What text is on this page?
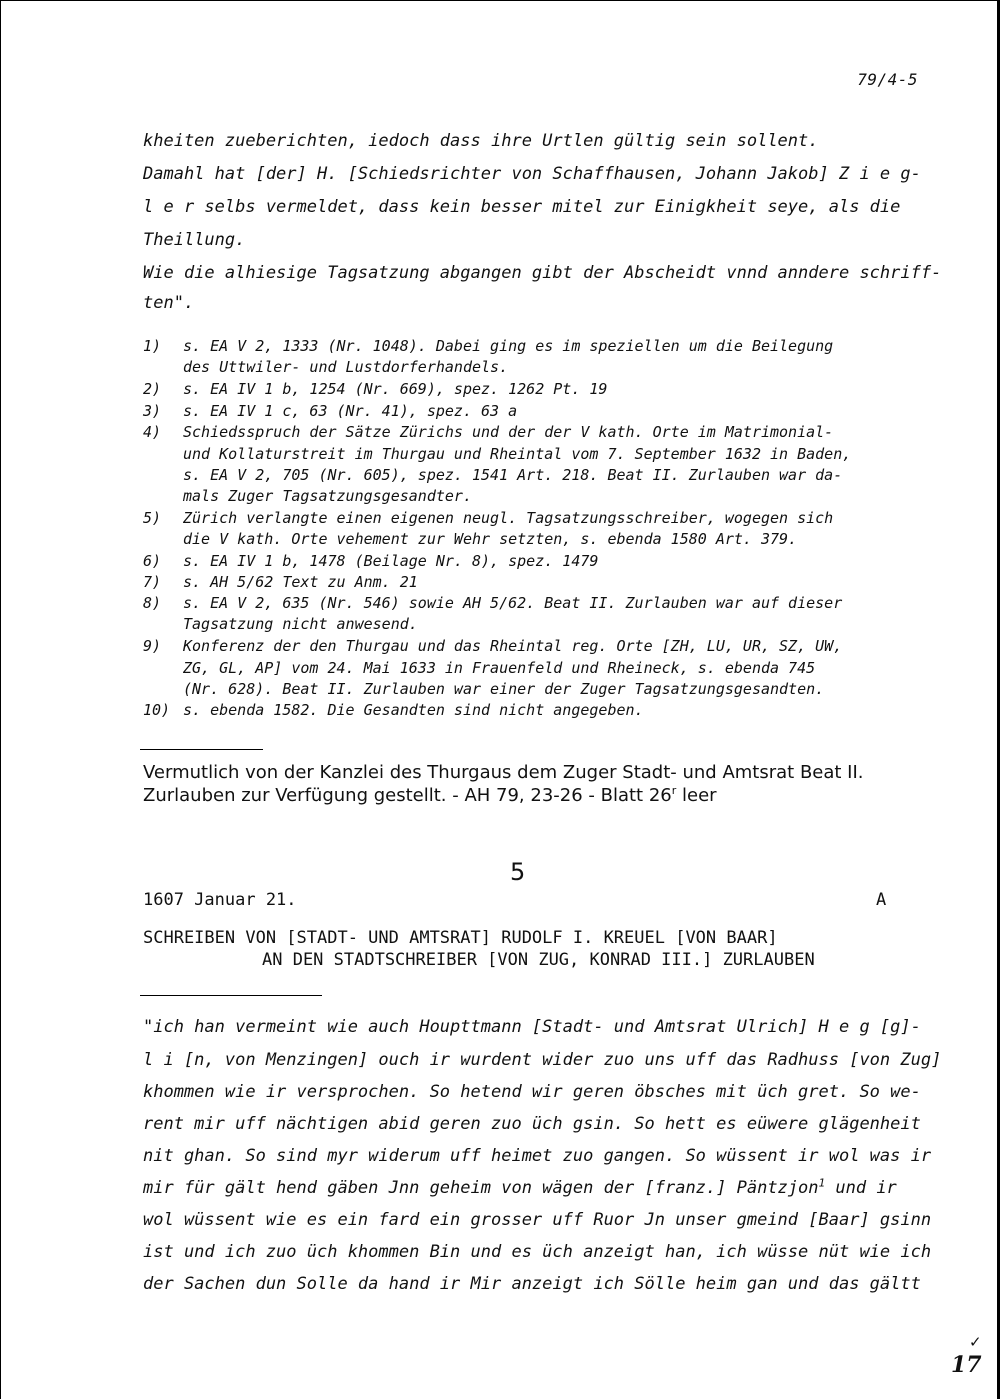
79/4-5
kheiten zueberichten, iedoch dass ihre Urtlen gültig sein sollent.
Damahl hat [der] H. [Schiedsrichter von Schaffhausen, Johann Jakob] Z i e g-
l e r selbs vermeldet, dass kein besser mitel zur Einigkheit seye, als die
Theillung.
Wie die alhiesige Tagsatzung abgangen gibt der Abscheidt vnnd anndere schriff-
ten".
1) s. EA V 2, 1333 (Nr. 1048). Dabei ging es im speziellen um die Beilegung
des Uttwiler- und Lustdorferhandels.
2) s. EA IV 1 b, 1254 (Nr. 669), spez. 1262 Pt. 19
3) s. EA IV 1 c, 63 (Nr. 41), spez. 63 a
4) Schiedsspruch der Sätze Zürichs und der der V kath. Orte im Matrimonial-
und Kollaturstreit im Thurgau und Rheintal vom 7. September 1632 in Baden,
s. EA V 2, 705 (Nr. 605), spez. 1541 Art. 218. Beat II. Zurlauben war da-
mals Zuger Tagsatzungsgesandter.
5) Zürich verlangte einen eigenen neugl. Tagsatzungsschreiber, wogegen sich
die V kath. Orte vehement zur Wehr setzten, s. ebenda 1580 Art. 379.
6) s. EA IV 1 b, 1478 (Beilage Nr. 8), spez. 1479
7) s. AH 5/62 Text zu Anm. 21
8) s. EA V 2, 635 (Nr. 546) sowie AH 5/62. Beat II. Zurlauben war auf dieser
Tagsatzung nicht anwesend.
9) Konferenz der den Thurgau und das Rheintal reg. Orte [ZH, LU, UR, SZ, UW,
ZG, GL, AP] vom 24. Mai 1633 in Frauenfeld und Rheineck, s. ebenda 745
(Nr. 628). Beat II. Zurlauben war einer der Zuger Tagsatzungsgesandten.
10) s. ebenda 1582. Die Gesandten sind nicht angegeben.
Vermutlich von der Kanzlei des Thurgaus dem Zuger Stadt- und Amtsrat Beat II.
Zurlauben zur Verfügung gestellt. - AH 79, 23-26 - Blatt 26$^r$ leer
5
1607 Januar 21.	A
SCHREIBEN VON [STADT- UND AMTSRAT] RUDOLF I. KREUEL [VON BAAR]
AN DEN STADTSCHREIBER [VON ZUG, KONRAD III.] ZURLAUBEN
"ich han vermeint wie auch Houpttmann [Stadt- und Amtsrat Ulrich] H e g [g]-
l i [n, von Menzingen] ouch ir wurdent wider zuo uns uff das Radhuss [von Zug]
khommen wie ir versprochen. So hetend wir geren öbsches mit üch gret. So we-
rent mir uff nächtigen abid geren zuo üch gsin. So hett es eüwere glägenheit
nit ghan. So sind myr widerum uff heimet zuo gangen. So wüssent ir wol was ir
mir für gält hend gäben Jnn geheim von wägen der [franz.] Päntzjon$^1$ und ir
wol wüssent wie es ein fard ein grosser uff Ruor Jn unser gmeind [Baar] gsinn
ist und ich zuo üch khommen Bin und es üch anzeigt han, ich wüsse nüt wie ich
der Sachen dun Solle da hand ir Mir anzeigt ich Sölle heim gan und das gältt
✓
17
